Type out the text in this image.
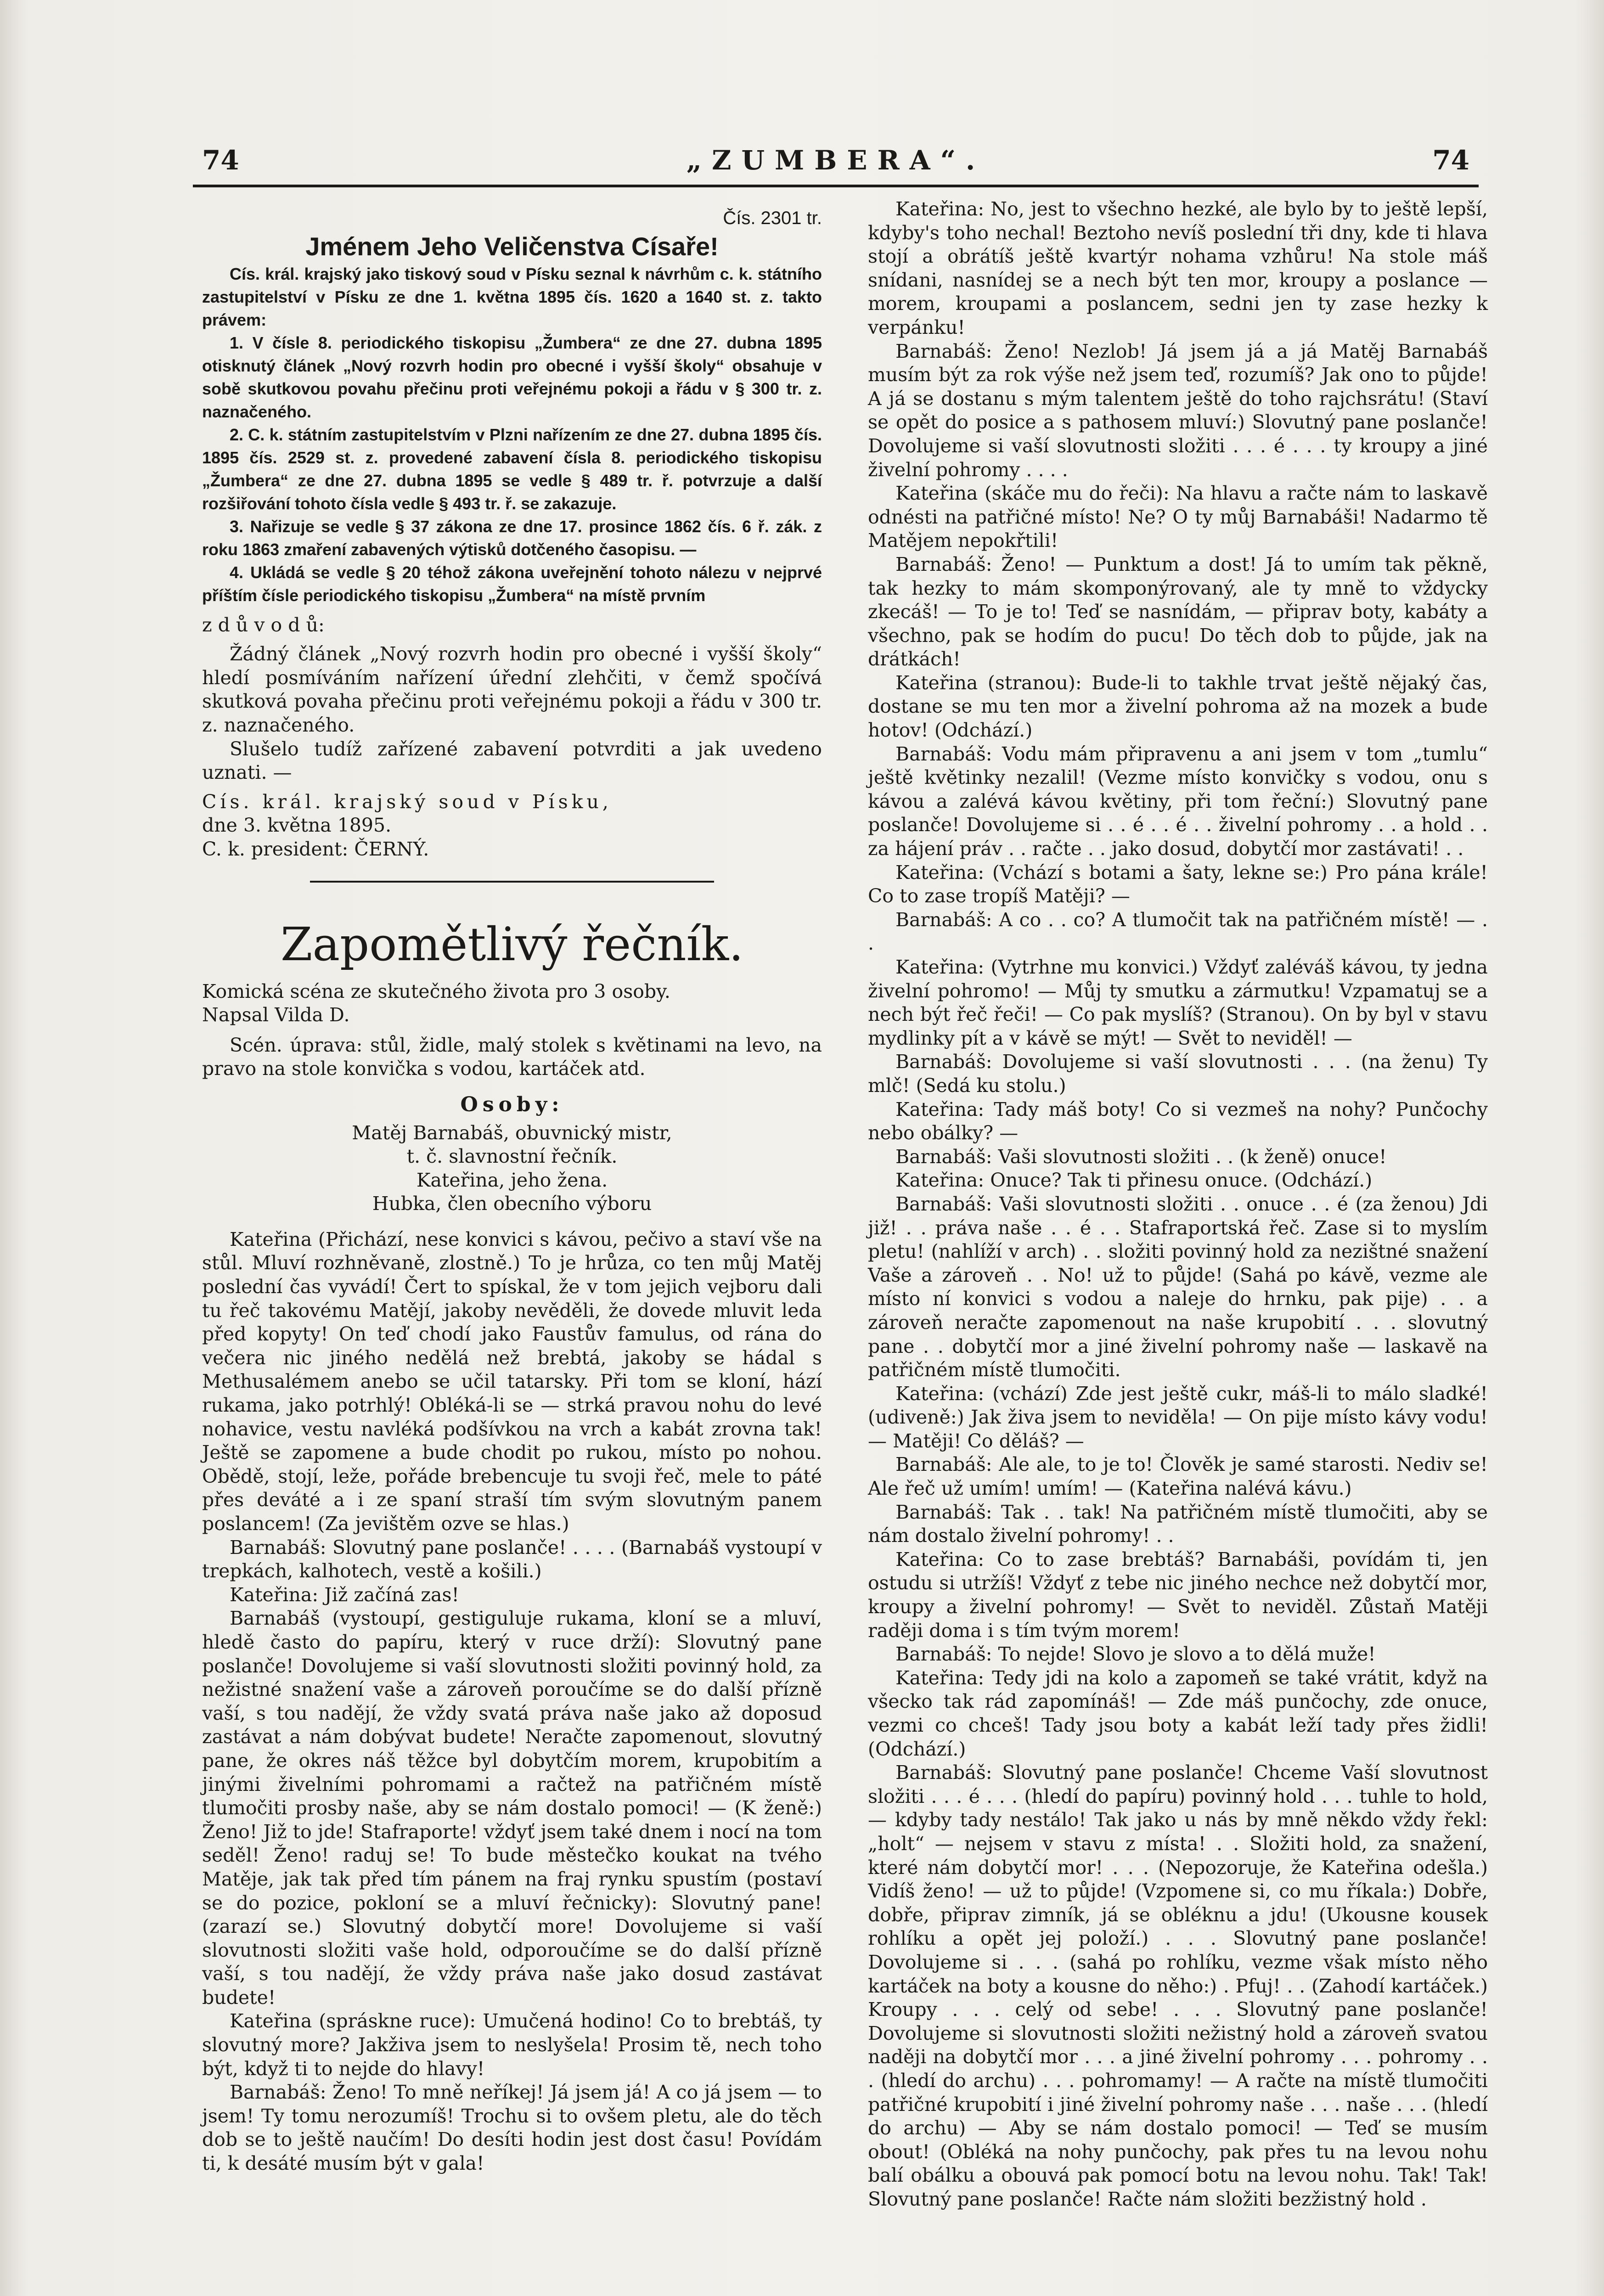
74	„ZUMBERA“.	74
Čís. 2301 tr.
Jménem Jeho Veličenstva Císaře!

Cís. král. krajský jako tiskový soud v Písku seznal k návrhům c. k. státního zastupitelství v Písku ze dne 1. května 1895 čís. 1620 a 1640 st. z. takto právem:

1. V čísle 8. periodického tiskopisu „Žumbera“ ze dne 27. dubna 1895 otisknutý článek „Nový rozvrh hodin pro obecné i vyšší školy“ obsahuje v sobě skutkovou povahu přečinu proti veřejnému pokoji a řádu v § 300 tr. z. naznačeného.

2. C. k. státním zastupitelstvím v Plzni nařízením ze dne 27. dubna 1895 čís. 1895 čís. 2529 st. z. provedené zabavení čísla 8. periodického tiskopisu „Žumbera“ ze dne 27. dubna 1895 se vedle § 489 tr. ř. potvrzuje a další rozšiřování tohoto čísla vedle § 493 tr. ř. se zakazuje.

3. Nařizuje se vedle § 37 zákona ze dne 17. prosince 1862 čís. 6 ř. zák. z roku 1863 zmaření zabavených výtisků dotčeného časopisu. —

4. Ukládá se vedle § 20 téhož zákona uveřejnění tohoto nálezu v nejprvé příštím čísle periodického tiskopisu „Žumbera“ na místě prvním

z d ů v o d ů:

Žádný článek „Nový rozvrh hodin pro obecné i vyšší školy“ hledí posmíváním nařízení úřední zlehčiti, v čemž spočívá skutková povaha přečinu proti veřejnému pokoji a řádu v 300 tr. z. naznačeného.

Slušelo tudíž zařízené zabavení potvrditi a jak uvedeno uznati. —

Cís. král. krajský soud v Písku,

dne 3. května 1895.

C. k. president: ČERNÝ.

Zapomětlivý řečník.

Komická scéna ze skutečného života pro 3 osoby.

Napsal Vilda D.

Scén. úprava: stůl, židle, malý stolek s květinami na levo, na pravo na stole konvička s vodou, kartáček atd.

Osoby:
Matěj Barnabáš, obuvnický mistr,
t. č. slavnostní řečník.
Kateřina, jeho žena.
Hubka, člen obecního výboru

Kateřina (Přichází, nese konvici s kávou, pečivo a staví vše na stůl. Mluví rozhněvaně, zlostně.) To je hrůza, co ten můj Matěj poslední čas vyvádí! Čert to spískal, že v tom jejich vejboru dali tu řeč takovému Matějí, jakoby nevěděli, že dovede mluvit leda před kopyty! On teď chodí jako Faustův famulus, od rána do večera nic jiného nedělá než brebtá, jakoby se hádal s Methusalémem anebo se učil tatarsky. Při tom se kloní, hází rukama, jako potrhlý! Obléká-li se — strká pravou nohu do levé nohavice, vestu navléká podšívkou na vrch a kabát zrovna tak! Ještě se zapomene a bude chodit po rukou, místo po nohou. Obědě, stojí, leže, pořáde brebencuje tu svoji řeč, mele to páté přes deváté a i ze spaní straší tím svým slovutným panem poslancem! (Za jevištěm ozve se hlas.)

Barnabáš: Slovutný pane poslanče! . . . . (Barnabáš vystoupí v trepkách, kalhotech, vestě a košili.)

Kateřina: Již začíná zas!

Barnabáš (vystoupí, gestiguluje rukama, kloní se a mluví, hledě často do papíru, který v ruce drží): Slovutný pane poslanče! Dovolujeme si vaší slovutnosti složiti povinný hold, za nežistné snažení vaše a zároveň poroučíme se do další přízně vaší, s tou nadějí, že vždy svatá práva naše jako až doposud zastávat a nám dobývat budete! Neračte zapomenout, slovutný pane, že okres náš těžce byl dobytčím morem, krupobitím a jinými živelními pohromami a račtež na patřičném místě tlumočiti prosby naše, aby se nám dostalo pomoci! — (K ženě:) Ženo! Již to jde! Stafraporte! vždyť jsem také dnem i nocí na tom seděl! Ženo! raduj se! To bude městečko koukat na tvého Matěje, jak tak před tím pánem na fraj rynku spustím (postaví se do pozice, pokloní se a mluví řečnicky): Slovutný pane! (zarazí se.) Slovutný dobytčí more! Dovolujeme si vaší slovutnosti složiti vaše hold, odporoučíme se do další přízně vaší, s tou nadějí, že vždy práva naše jako dosud zastávat budete!

Kateřina (spráskne ruce): Umučená hodino! Co to brebtáš, ty slovutný more? Jakživa jsem to neslyšela! Prosim tě, nech toho být, když ti to nejde do hlavy!

Barnabáš: Ženo! To mně neříkej! Já jsem já! A co já jsem — to jsem! Ty tomu nerozumíš! Trochu si to ovšem pletu, ale do těch dob se to ještě naučím! Do desíti hodin jest dost času! Povídám ti, k desáté musím být v gala!

Kateřina: No, jest to všechno hezké, ale bylo by to ještě lepší, kdyby's toho nechal! Beztoho nevíš poslední tři dny, kde ti hlava stojí a obrátíš ještě kvartýr nohama vzhůru! Na stole máš snídani, nasnídej se a nech být ten mor, kroupy a poslance — morem, kroupami a poslancem, sedni jen ty zase hezky k verpánku!

Barnabáš: Ženo! Nezlob! Já jsem já a já Matěj Barnabáš musím být za rok výše než jsem teď, rozumíš? Jak ono to půjde! A já se dostanu s mým talentem ještě do toho rajchsrátu! (Staví se opět do posice a s pathosem mluví:) Slovutný pane poslanče! Dovolujeme si vaší slovutnosti složiti . . . é . . . ty kroupy a jiné živelní pohromy . . . .

Kateřina (skáče mu do řeči): Na hlavu a račte nám to laskavě odnésti na patřičné místo! Ne? O ty můj Barnabáši! Nadarmo tě Matějem nepokřtili!

Barnabáš: Ženo! — Punktum a dost! Já to umím tak pěkně, tak hezky to mám skomponýrovaný, ale ty mně to vždycky zkecáš! — To je to! Teď se nasnídám, — připrav boty, kabáty a všechno, pak se hodím do pucu! Do těch dob to půjde, jak na drátkách!

Kateřina (stranou): Bude-li to takhle trvat ještě nějaký čas, dostane se mu ten mor a živelní pohroma až na mozek a bude hotov! (Odchází.)

Barnabáš: Vodu mám připravenu a ani jsem v tom „tumlu“ ještě květinky nezalil! (Vezme místo konvičky s vodou, onu s kávou a zalévá kávou květiny, při tom řeční:) Slovutný pane poslanče! Dovolujeme si . . é . . é . . živelní pohromy . . a hold . . za hájení práv . . račte . . jako dosud, dobytčí mor zastávati! . .

Kateřina: (Vchází s botami a šaty, lekne se:) Pro pána krále! Co to zase tropíš Matěji? —

Barnabáš: A co . . co? A tlumočit tak na patřičném místě! — . .

Kateřina: (Vytrhne mu konvici.) Vždyť zaléváš kávou, ty jedna živelní pohromo! — Můj ty smutku a zármutku! Vzpamatuj se a nech být řeč řeči! — Co pak myslíš? (Stranou). On by byl v stavu mydlinky pít a v kávě se mýt! — Svět to neviděl! —

Barnabáš: Dovolujeme si vaší slovutnosti . . . (na ženu) Ty mlč! (Sedá ku stolu.)

Kateřina: Tady máš boty! Co si vezmeš na nohy? Punčochy nebo obálky? —

Barnabáš: Vaši slovutnosti složiti . . (k ženě) onuce!

Kateřina: Onuce? Tak ti přinesu onuce. (Odchází.)

Barnabáš: Vaši slovutnosti složiti . . onuce . . é (za ženou) Jdi již! . . práva naše . . é . . Stafraportská řeč. Zase si to myslím pletu! (nahlíží v arch) . . složiti povinný hold za nezištné snažení Vaše a zároveň . . No! už to půjde! (Sahá po kávě, vezme ale místo ní konvici s vodou a naleje do hrnku, pak pije) . . a zároveň neračte zapomenout na naše krupobití . . . slovutný pane . . dobytčí mor a jiné živelní pohromy naše — laskavě na patřičném místě tlumočiti.

Kateřina: (vchází) Zde jest ještě cukr, máš-li to málo sladké! (udiveně:) Jak živa jsem to neviděla! — On pije místo kávy vodu! — Matěji! Co děláš? —

Barnabáš: Ale ale, to je to! Člověk je samé starosti. Nediv se! Ale řeč už umím! umím! — (Kateřina nalévá kávu.)

Barnabáš: Tak . . tak! Na patřičném místě tlumočiti, aby se nám dostalo živelní pohromy! . .

Kateřina: Co to zase brebtáš? Barnabáši, povídám ti, jen ostudu si utržíš! Vždyť z tebe nic jiného nechce než dobytčí mor, kroupy a živelní pohromy! — Svět to neviděl. Zůstaň Matěji raději doma i s tím tvým morem!

Barnabáš: To nejde! Slovo je slovo a to dělá muže!

Kateřina: Tedy jdi na kolo a zapomeň se také vrátit, když na všecko tak rád zapomínáš! — Zde máš punčochy, zde onuce, vezmi co chceš! Tady jsou boty a kabát leží tady přes židli! (Odchází.)

Barnabáš: Slovutný pane poslanče! Chceme Vaší slovutnost složiti . . . é . . . (hledí do papíru) povinný hold . . . tuhle to hold, — kdyby tady nestálo! Tak jako u nás by mně někdo vždy řekl: „holt“ — nejsem v stavu z místa! . . Složiti hold, za snažení, které nám dobytčí mor! . . . (Nepozoruje, že Kateřina odešla.) Vidíš ženo! — už to půjde! (Vzpomene si, co mu říkala:) Dobře, dobře, připrav zimník, já se obléknu a jdu! (Ukousne kousek rohlíku a opět jej položí.) . . . Slovutný pane poslanče! Dovolujeme si . . . (sahá po rohlíku, vezme však místo něho kartáček na boty a kousne do něho:) . Pfuj! . . (Zahodí kartáček.) Kroupy . . . celý od sebe! . . . Slovutný pane poslanče! Dovolujeme si slovutnosti složiti nežistný hold a zároveň svatou naději na dobytčí mor . . . a jiné živelní pohromy . . . pohromy . . . (hledí do archu) . . . pohromamy! — A račte na místě tlumočiti patřičné krupobití i jiné živelní pohromy naše . . . naše . . . (hledí do archu) — Aby se nám dostalo pomoci! — Teď se musím obout! (Obléká na nohy punčochy, pak přes tu na levou nohu balí obálku a obouvá pak pomocí botu na levou nohu. Tak! Tak! Slovutný pane poslanče! Račte nám složiti bezžistný hold .
